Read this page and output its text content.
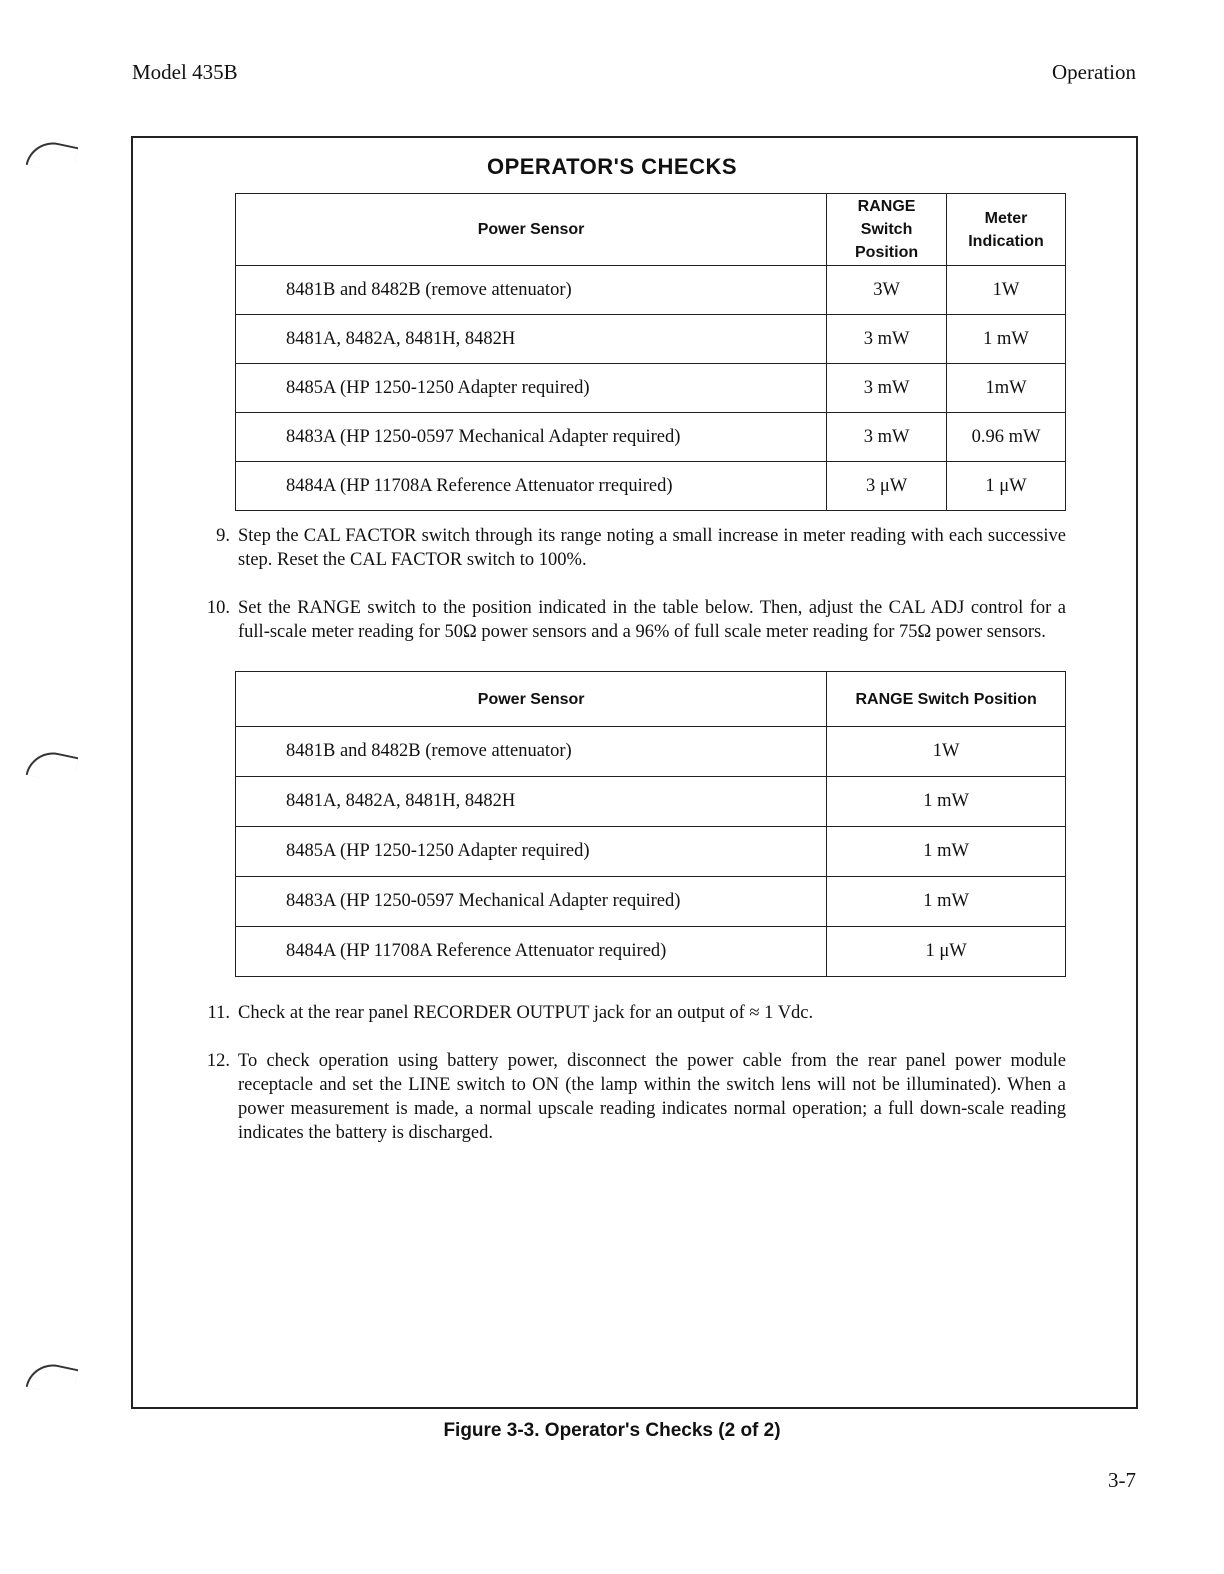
Model 435B	Operation
OPERATOR'S CHECKS
Power Sensor	RANGE Switch Position	Meter Indication

8481B and 8482B (remove attenuator)	3W	1W
8481A, 8482A, 8481H, 8482H	3 mW	1 mW
8485A (HP 1250-1250 Adapter required)	3 mW	1mW
8483A (HP 1250-0597 Mechanical Adapter required)	3 mW	0.96 mW
8484A (HP 11708A Reference Attenuator rrequired)	3 μW	1 μW
9. Step the CAL FACTOR switch through its range noting a small increase in meter reading with each successive step. Reset the CAL FACTOR switch to 100%.
10. Set the RANGE switch to the position indicated in the table below. Then, adjust the CAL ADJ control for a full-scale meter reading for 50Ω power sensors and a 96% of full scale meter reading for 75Ω power sensors.
Power Sensor	RANGE Switch Position
8481B and 8482B (remove attenuator)	1W
8481A, 8482A, 8481H, 8482H	1 mW
8485A (HP 1250-1250 Adapter required)	1 mW
8483A (HP 1250-0597 Mechanical Adapter required)	1 mW
8484A (HP 11708A Reference Attenuator required)	1 μW
11. Check at the rear panel RECORDER OUTPUT jack for an output of ≈ 1 Vdc.
12. To check operation using battery power, disconnect the power cable from the rear panel power module receptacle and set the LINE switch to ON (the lamp within the switch lens will not be illuminated). When a power measurement is made, a normal upscale reading indicates normal operation; a full down-scale reading indicates the battery is discharged.
Figure 3-3. Operator's Checks (2 of 2)
3-7
